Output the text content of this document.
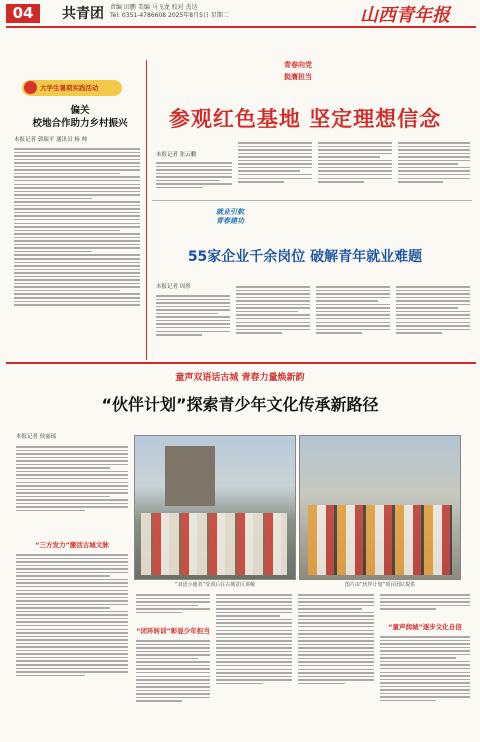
04	共青团 责编 田鹏 美编 马飞龙 校对 杰达
Tel: 0351-4786608 2025年8月5日 星期二	山西青年报
大学生暑期实践活动
偏关
校地合作助力乡村振兴
本报记者 郭瑞平 通讯员 杨 帅
青春向党
挺膺担当
参观红色基地 坚定理想信念
本报记者 张云鹏
就业引航
青春建功
55家企业千余岗位 破解青年就业难题
本报记者 周彤
童声双语话古城 青春力量焕新韵
“伙伴计划”探索青少年文化传承新路径
本报记者 侯丽瑶
“三方发力”激活古城文脉
“双语小使者”受训后在古城景区讲解	图片由“伙伴计划”项目团队提供
“闭环转训”彰显少年担当	“童声润城”逐步文化自信
